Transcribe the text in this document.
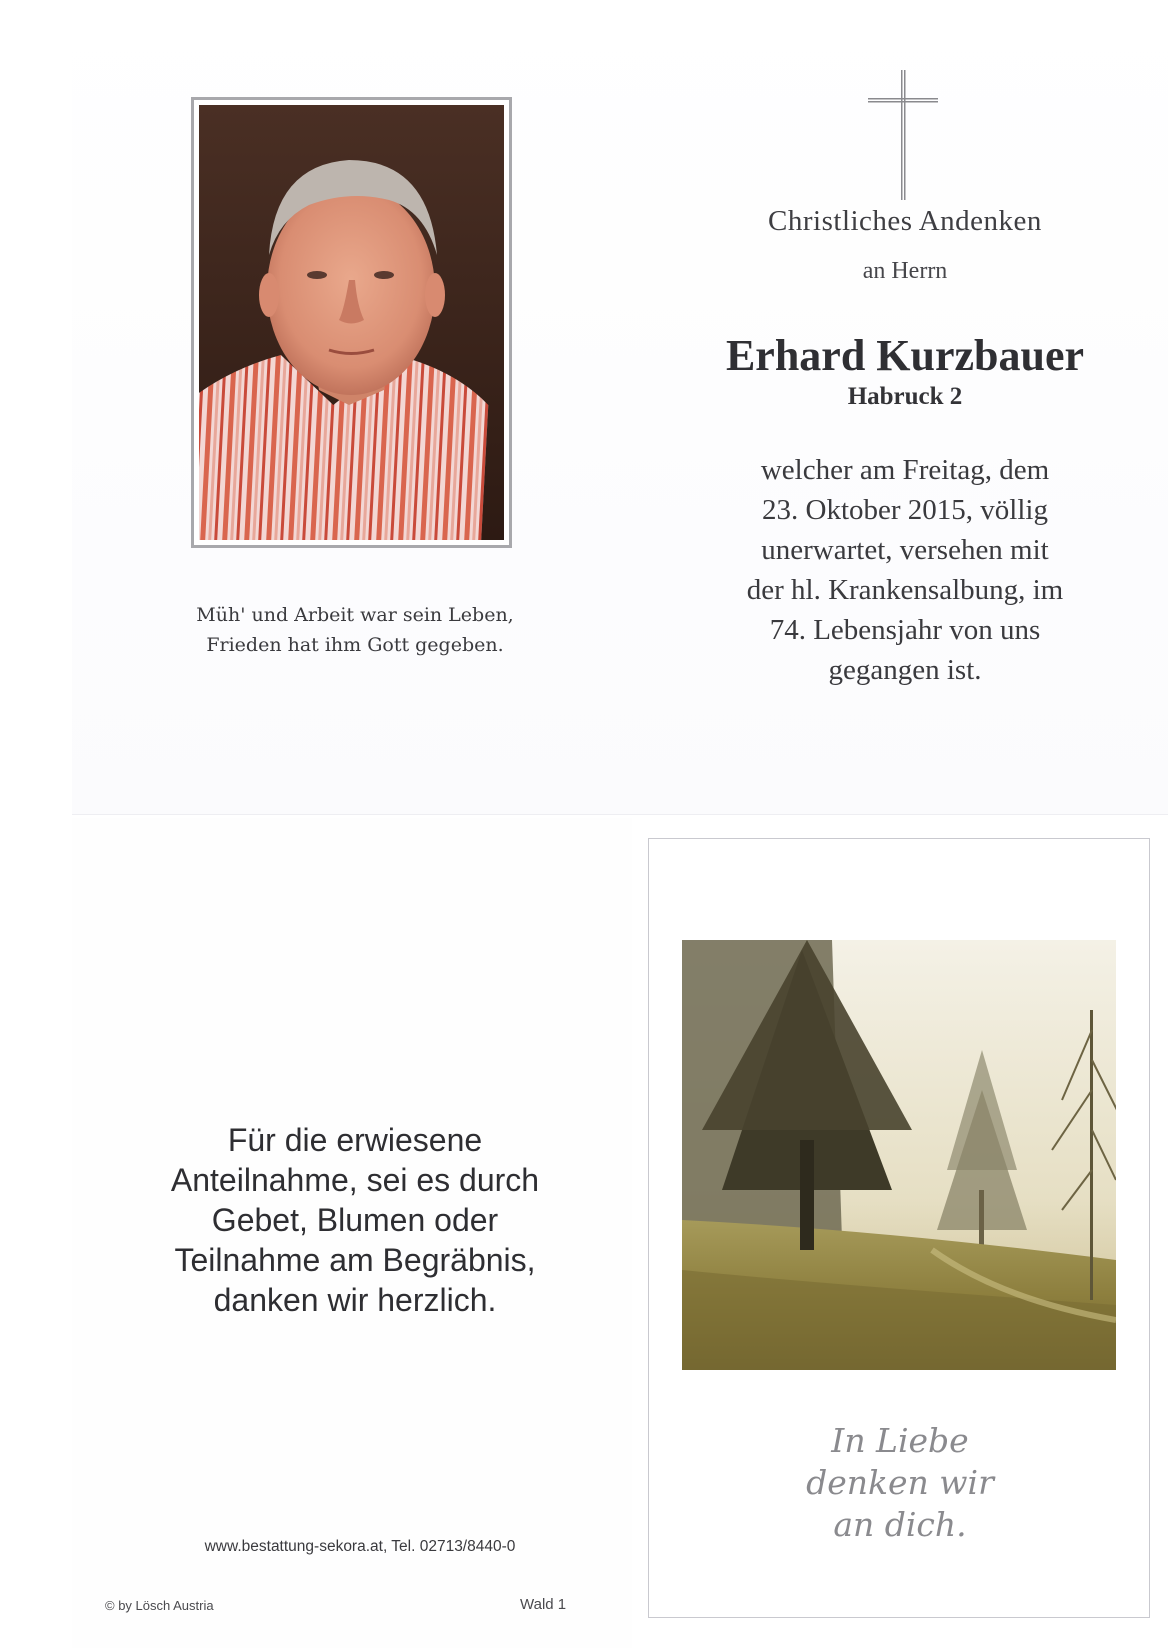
Müh' und Arbeit war sein Leben,
Frieden hat ihm Gott gegeben.
Christliches Andenken
an Herrn
Erhard Kurzbauer
Habruck 2
welcher am Freitag, dem
23. Oktober 2015, völlig
unerwartet, versehen mit
der hl. Krankensalbung, im
74. Lebensjahr von uns
gegangen ist.
Für die erwiesene
Anteilnahme, sei es durch
Gebet, Blumen oder
Teilnahme am Begräbnis,
danken wir herzlich.
www.bestattung-sekora.at, Tel. 02713/8440-0
© by Lösch Austria	Wald 1
In Liebe
denken wir
an dich.
